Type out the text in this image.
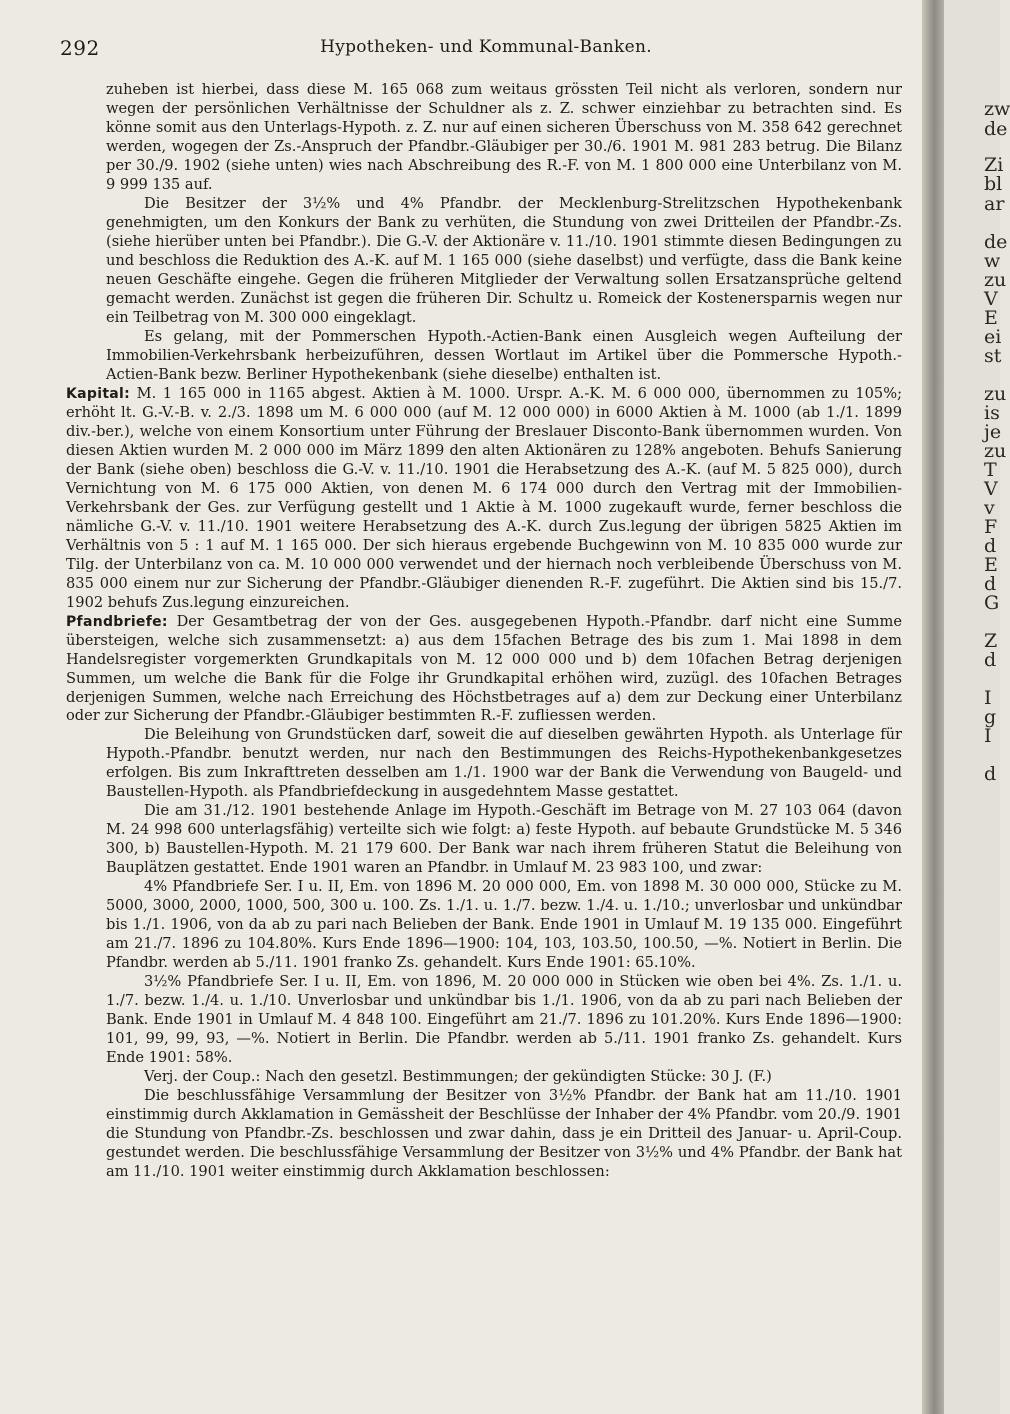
292	Hypotheken- und Kommunal-Banken.

zuheben ist hierbei, dass diese M. 165 068 zum weitaus grössten Teil nicht als verloren, sondern nur wegen der persönlichen Verhältnisse der Schuldner als z. Z. schwer einziehbar zu betrachten sind. Es könne somit aus den Unterlags-Hypoth. z. Z. nur auf einen sicheren Überschuss von M. 358 642 gerechnet werden, wogegen der Zs.-Anspruch der Pfandbr.-Gläubiger per 30./6. 1901 M. 981 283 betrug. Die Bilanz per 30./9. 1902 (siehe unten) wies nach Abschreibung des R.-F. von M. 1 800 000 eine Unterbilanz von M. 9 999 135 auf.

Die Besitzer der 3½% und 4% Pfandbr. der Mecklenburg-Strelitzschen Hypothekenbank genehmigten, um den Konkurs der Bank zu verhüten, die Stundung von zwei Dritteilen der Pfandbr.-Zs. (siehe hierüber unten bei Pfandbr.). Die G.-V. der Aktionäre v. 11./10. 1901 stimmte diesen Bedingungen zu und beschloss die Reduktion des A.-K. auf M. 1 165 000 (siehe daselbst) und verfügte, dass die Bank keine neuen Geschäfte eingehe. Gegen die früheren Mitglieder der Verwaltung sollen Ersatzansprüche geltend gemacht werden. Zunächst ist gegen die früheren Dir. Schultz u. Romeick der Kostenersparnis wegen nur ein Teilbetrag von M. 300 000 eingeklagt.

Es gelang, mit der Pommerschen Hypoth.-Actien-Bank einen Ausgleich wegen Aufteilung der Immobilien-Verkehrsbank herbeizuführen, dessen Wortlaut im Artikel über die Pommersche Hypoth.-Actien-Bank bezw. Berliner Hypothekenbank (siehe dieselbe) enthalten ist.

Kapital: M. 1 165 000 in 1165 abgest. Aktien à M. 1000. Urspr. A.-K. M. 6 000 000, übernommen zu 105%; erhöht lt. G.-V.-B. v. 2./3. 1898 um M. 6 000 000 (auf M. 12 000 000) in 6000 Aktien à M. 1000 (ab 1./1. 1899 div.-ber.), welche von einem Konsortium unter Führung der Breslauer Disconto-Bank übernommen wurden. Von diesen Aktien wurden M. 2 000 000 im März 1899 den alten Aktionären zu 128% angeboten. Behufs Sanierung der Bank (siehe oben) beschloss die G.-V. v. 11./10. 1901 die Herabsetzung des A.-K. (auf M. 5 825 000), durch Vernichtung von M. 6 175 000 Aktien, von denen M. 6 174 000 durch den Vertrag mit der Immobilien-Verkehrsbank der Ges. zur Verfügung gestellt und 1 Aktie à M. 1000 zugekauft wurde, ferner beschloss die nämliche G.-V. v. 11./10. 1901 weitere Herabsetzung des A.-K. durch Zus.legung der übrigen 5825 Aktien im Verhältnis von 5 : 1 auf M. 1 165 000. Der sich hieraus ergebende Buchgewinn von M. 10 835 000 wurde zur Tilg. der Unterbilanz von ca. M. 10 000 000 verwendet und der hiernach noch verbleibende Überschuss von M. 835 000 einem nur zur Sicherung der Pfandbr.-Gläubiger dienenden R.-F. zugeführt. Die Aktien sind bis 15./7. 1902 behufs Zus.legung einzureichen.

Pfandbriefe: Der Gesamtbetrag der von der Ges. ausgegebenen Hypoth.-Pfandbr. darf nicht eine Summe übersteigen, welche sich zusammensetzt: a) aus dem 15fachen Betrage des bis zum 1. Mai 1898 in dem Handelsregister vorgemerkten Grundkapitals von M. 12 000 000 und b) dem 10fachen Betrag derjenigen Summen, um welche die Bank für die Folge ihr Grundkapital erhöhen wird, zuzügl. des 10fachen Betrages derjenigen Summen, welche nach Erreichung des Höchstbetrages auf a) dem zur Deckung einer Unterbilanz oder zur Sicherung der Pfandbr.-Gläubiger bestimmten R.-F. zufliessen werden.

Die Beleihung von Grundstücken darf, soweit die auf dieselben gewährten Hypoth. als Unterlage für Hypoth.-Pfandbr. benutzt werden, nur nach den Bestimmungen des Reichs-Hypothekenbankgesetzes erfolgen. Bis zum Inkrafttreten desselben am 1./1. 1900 war der Bank die Verwendung von Baugeld- und Baustellen-Hypoth. als Pfandbriefdeckung in ausgedehntem Masse gestattet.

Die am 31./12. 1901 bestehende Anlage im Hypoth.-Geschäft im Betrage von M. 27 103 064 (davon M. 24 998 600 unterlagsfähig) verteilte sich wie folgt: a) feste Hypoth. auf bebaute Grundstücke M. 5 346 300, b) Baustellen-Hypoth. M. 21 179 600. Der Bank war nach ihrem früheren Statut die Beleihung von Bauplätzen gestattet. Ende 1901 waren an Pfandbr. in Umlauf M. 23 983 100, und zwar:

4% Pfandbriefe Ser. I u. II, Em. von 1896 M. 20 000 000, Em. von 1898 M. 30 000 000, Stücke zu M. 5000, 3000, 2000, 1000, 500, 300 u. 100. Zs. 1./1. u. 1./7. bezw. 1./4. u. 1./10.; unverlosbar und unkündbar bis 1./1. 1906, von da ab zu pari nach Belieben der Bank. Ende 1901 in Umlauf M. 19 135 000. Eingeführt am 21./7. 1896 zu 104.80%. Kurs Ende 1896—1900: 104, 103, 103.50, 100.50, —%. Notiert in Berlin. Die Pfandbr. werden ab 5./11. 1901 franko Zs. gehandelt. Kurs Ende 1901: 65.10%.

3½% Pfandbriefe Ser. I u. II, Em. von 1896, M. 20 000 000 in Stücken wie oben bei 4%. Zs. 1./1. u. 1./7. bezw. 1./4. u. 1./10. Unverlosbar und unkündbar bis 1./1. 1906, von da ab zu pari nach Belieben der Bank. Ende 1901 in Umlauf M. 4 848 100. Eingeführt am 21./7. 1896 zu 101.20%. Kurs Ende 1896—1900: 101, 99, 99, 93, —%. Notiert in Berlin. Die Pfandbr. werden ab 5./11. 1901 franko Zs. gehandelt. Kurs Ende 1901: 58%.

Verj. der Coup.: Nach den gesetzl. Bestimmungen; der gekündigten Stücke: 30 J. (F.)

Die beschlussfähige Versammlung der Besitzer von 3½% Pfandbr. der Bank hat am 11./10. 1901 einstimmig durch Akklamation in Gemässheit der Beschlüsse der Inhaber der 4% Pfandbr. vom 20./9. 1901 die Stundung von Pfandbr.-Zs. beschlossen und zwar dahin, dass je ein Dritteil des Januar- u. April-Coup. gestundet werden. Die beschlussfähige Versammlung der Besitzer von 3½% und 4% Pfandbr. der Bank hat am 11./10. 1901 weiter einstimmig durch Akklamation beschlossen:

zw
de
Zi
bl
ar
de
w
zu
V
E
ei
st
zu
is
je
zu
T
V
v
F
d
E
d
G
Z
d
I
g
I
d
